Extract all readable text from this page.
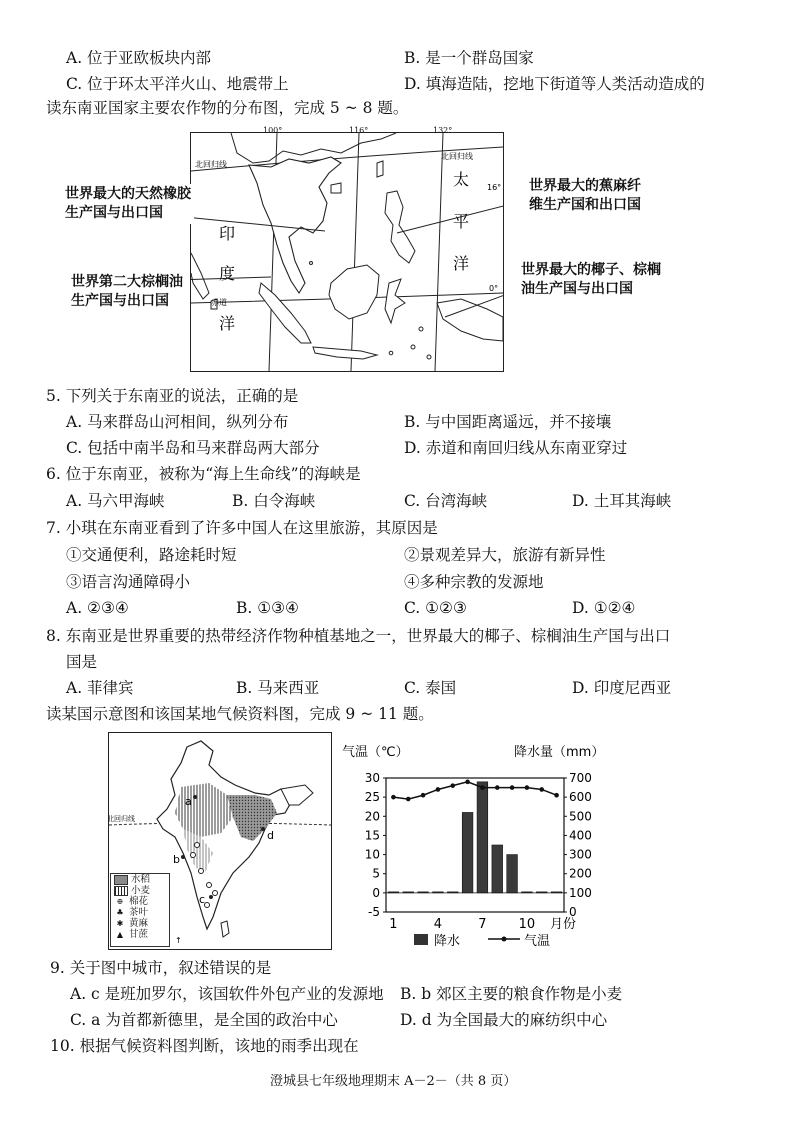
A. 位于亚欧板块内部	B. 是一个群岛国家
C. 位于环太平洋火山、地震带上	D. 填海造陆，挖地下街道等人类活动造成的
读东南亚国家主要农作物的分布图，完成 5 ~ 8 题。
16°
0°
北回归线
北回归线
赤道
印
度
洋
太
平
洋
100°	116°	132°
世界最大的天然橡胶
生产国与出口国
世界第二大棕榈油
生产国与出口国
世界最大的蕉麻纤
维生产国和出口国
世界最大的椰子、棕榈
油生产国与出口国
5. 下列关于东南亚的说法，正确的是
A. 马来群岛山河相间，纵列分布	B. 与中国距离遥远，并不接壤
C. 包括中南半岛和马来群岛两大部分	D. 赤道和南回归线从东南亚穿过
6. 位于东南亚，被称为“海上生命线”的海峡是
A. 马六甲海峡	B. 白令海峡	C. 台湾海峡	D. 土耳其海峡
7. 小琪在东南亚看到了许多中国人在这里旅游，其原因是
①交通便利，路途耗时短	②景观差异大，旅游有新异性
③语言沟通障碍小	④多种宗教的发源地
A. ②③④	B. ①③④	C. ①②③	D. ①②④
8. 东南亚是世界重要的热带经济作物种植基地之一，世界最大的椰子、棕榈油生产国与出口
国是
A. 菲律宾	B. 马来西亚	C. 泰国	D. 印度尼西亚
读某国示意图和该国某地气候资料图，完成 9 ~ 11 题。
北回归线
a
b
c
d
↑
水稻
小麦
⊕ 棉花
♣ 茶叶
✱ 黄麻
▲ 甘蔗
气温（℃）	降水量（mm）
30
25
20
15
10
5
0
-5
700
600
500
400
300
200
100
0
1	4	7 10 月份
降水	气温
9. 关于图中城市，叙述错误的是
A. c 是班加罗尔，该国软件外包产业的发源地 B. b 郊区主要的粮食作物是小麦
C. a 为首都新德里，是全国的政治中心	D. d 为全国最大的麻纺织中心
10. 根据气候资料图判断，该地的雨季出现在
澄城县七年级地理期末 A－2－（共 8 页）
